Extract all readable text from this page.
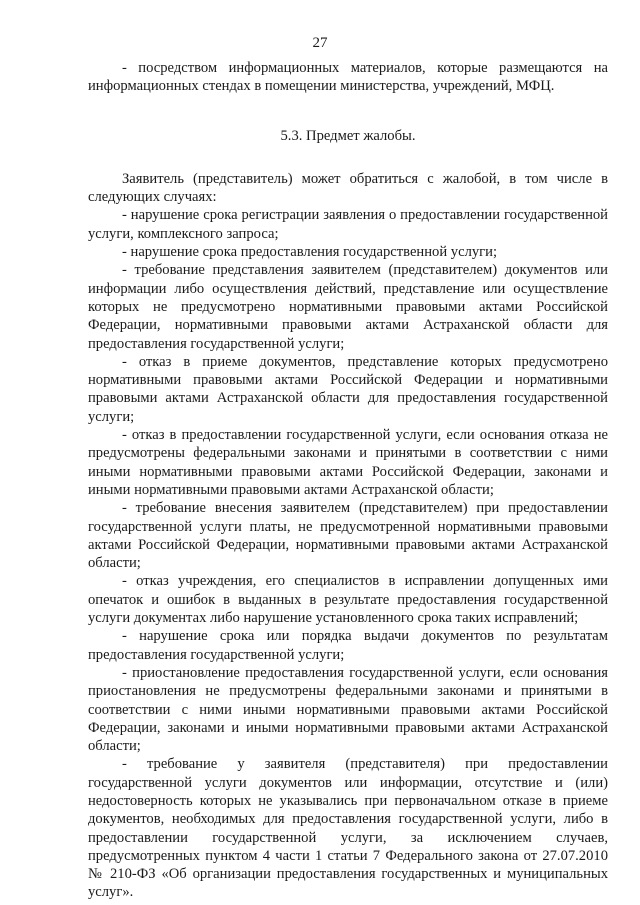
27

- посредством информационных материалов, которые размещаются на информационных стендах в помещении министерства, учреждений, МФЦ.

5.3. Предмет жалобы.

Заявитель (представитель) может обратиться с жалобой, в том числе в следующих случаях:

- нарушение срока регистрации заявления о предоставлении государственной услуги, комплексного запроса;

- нарушение срока предоставления государственной услуги;

- требование представления заявителем (представителем) документов или информации либо осуществления действий, представление или осуществление которых не предусмотрено нормативными правовыми актами Российской Федерации, нормативными правовыми актами Астраханской области для предоставления государственной услуги;

- отказ в приеме документов, представление которых предусмотрено нормативными правовыми актами Российской Федерации и нормативными правовыми актами Астраханской области для предоставления государственной услуги;

- отказ в предоставлении государственной услуги, если основания отказа не предусмотрены федеральными законами и принятыми в соответствии с ними иными нормативными правовыми актами Российской Федерации, законами и иными нормативными правовыми актами Астраханской области;

- требование внесения заявителем (представителем) при предоставлении государственной услуги платы, не предусмотренной нормативными правовыми актами Российской Федерации, нормативными правовыми актами Астраханской области;

- отказ учреждения, его специалистов в исправлении допущенных ими опечаток и ошибок в выданных в результате предоставления государственной услуги документах либо нарушение установленного срока таких исправлений;

- нарушение срока или порядка выдачи документов по результатам предоставления государственной услуги;

- приостановление предоставления государственной услуги, если основания приостановления не предусмотрены федеральными законами и принятыми в соответствии с ними иными нормативными правовыми актами Российской Федерации, законами и иными нормативными правовыми актами Астраханской области;

- требование у заявителя (представителя) при предоставлении государственной услуги документов или информации, отсутствие и (или) недостоверность которых не указывались при первоначальном отказе в приеме документов, необходимых для предоставления государственной услуги, либо в предоставлении государственной услуги, за исключением случаев, предусмотренных пунктом 4 части 1 статьи 7 Федерального закона от 27.07.2010 № 210-ФЗ «Об организации предоставления государственных и муниципальных услуг».
